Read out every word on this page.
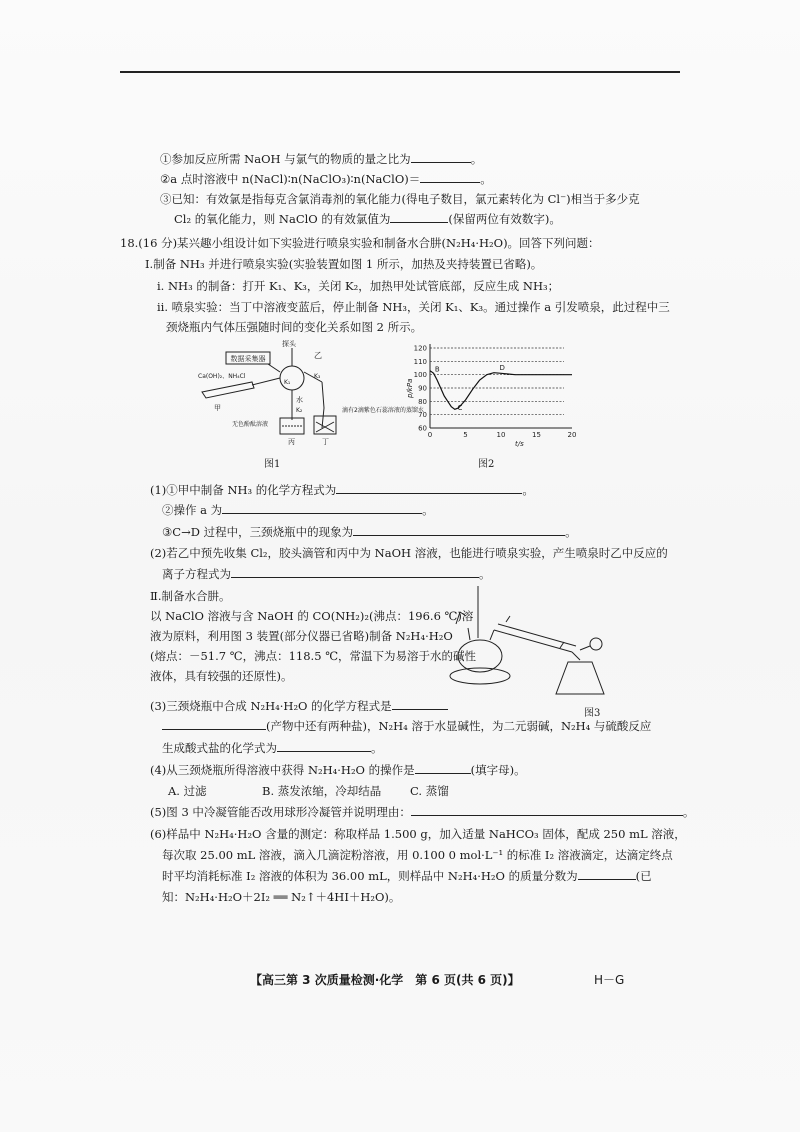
①参加反应所需 NaOH 与氯气的物质的量之比为	。
②a 点时溶液中 n(NaCl)∶n(NaClO₃)∶n(NaClO)＝	。
③已知：有效氯是指每克含氯消毒剂的氧化能力(得电子数目，氯元素转化为 Cl⁻)相当于多少克
Cl₂ 的氧化能力，则 NaClO 的有效氯值为	(保留两位有效数字)。
18.(16 分)某兴趣小组设计如下实验进行喷泉实验和制备水合肼(N₂H₄·H₂O)。回答下列问题：
Ⅰ.制备 NH₃ 并进行喷泉实验(实验装置如图 1 所示，加热及夹持装置已省略)。
ⅰ. NH₃ 的制备：打开 K₁、K₃，关闭 K₂，加热甲处试管底部，反应生成 NH₃；
ⅱ. 喷泉实验：当丁中溶液变蓝后，停止制备 NH₃，关闭 K₁、K₃。通过操作 a 引发喷泉，此过程中三
颈烧瓶内气体压强随时间的变化关系如图 2 所示。
数据采集器
探头
乙
水
K₁
K₂
K₃
Ca(OH)₂、NH₄Cl
甲
无色酚酞溶液
丙
滴有2滴紫色石蕊溶液的蒸馏水
丁
图1
60
70
80
90
100
110
120
0	5	10	15	20
t/s
p/kPa
B
C
D
图2
(1)①甲中制备 NH₃ 的化学方程式为	。
②操作 a 为	。
③C→D 过程中，三颈烧瓶中的现象为	。
(2)若乙中预先收集 Cl₂，胶头滴管和丙中为 NaOH 溶液，也能进行喷泉实验，产生喷泉时乙中反应的
离子方程式为	。
Ⅱ.制备水合肼。
以 NaClO 溶液与含 NaOH 的 CO(NH₂)₂(沸点：196.6 ℃)溶
液为原料，利用图 3 装置(部分仪器已省略)制备 N₂H₄·H₂O
(熔点：－51.7 ℃，沸点：118.5 ℃，常温下为易溶于水的碱性
液体，具有较强的还原性)。
图3
(3)三颈烧瓶中合成 N₂H₄·H₂O 的化学方程式是
(产物中还有两种盐)，N₂H₄ 溶于水显碱性，为二元弱碱，N₂H₄ 与硫酸反应
生成酸式盐的化学式为	。
(4)从三颈烧瓶所得溶液中获得 N₂H₄·H₂O 的操作是	(填字母)。
A. 过滤	B. 蒸发浓缩，冷却结晶 C. 蒸馏
(5)图 3 中冷凝管能否改用球形冷凝管并说明理由：	。
(6)样品中 N₂H₄·H₂O 含量的测定：称取样品 1.500 g，加入适量 NaHCO₃ 固体，配成 250 mL 溶液，
每次取 25.00 mL 溶液，滴入几滴淀粉溶液，用 0.100 0 mol·L⁻¹ 的标准 I₂ 溶液滴定，达滴定终点
时平均消耗标准 I₂ 溶液的体积为 36.00 mL，则样品中 N₂H₄·H₂O 的质量分数为	(已
知：N₂H₄·H₂O＋2I₂ ══ N₂↑＋4HI＋H₂O)。
【高三第 3 次质量检测·化学　第 6 页(共 6 页)】	H－G
